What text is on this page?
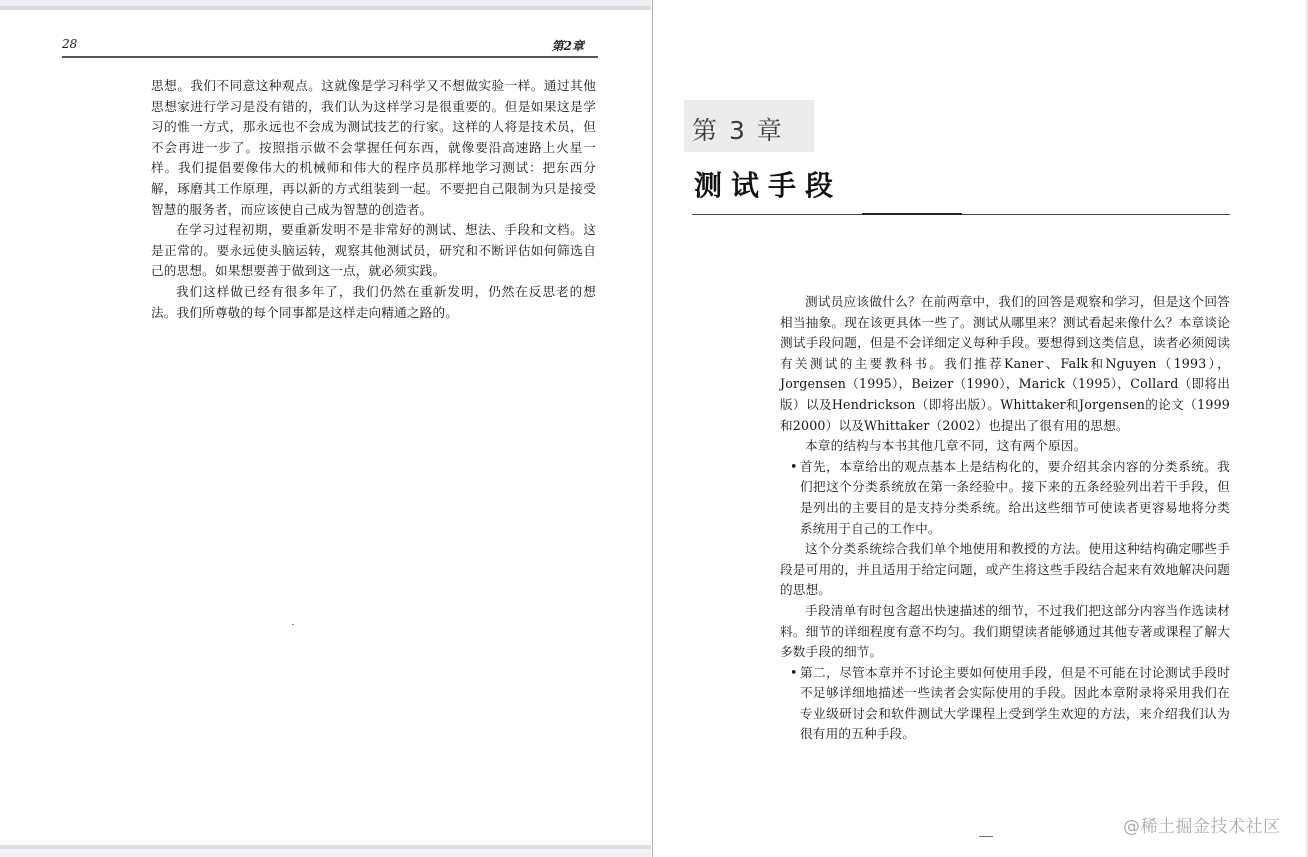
28	第2章

思想。我们不同意这种观点。这就像是学习科学又不想做实验一样。通过其他思想家进行学习是没有错的，我们认为这样学习是很重要的。但是如果这是学习的惟一方式，那永远也不会成为测试技艺的行家。这样的人将是技术员，但不会再进一步了。按照指示做不会掌握任何东西，就像要沿高速路上火星一样。我们提倡要像伟大的机械师和伟大的程序员那样地学习测试：把东西分解，琢磨其工作原理，再以新的方式组装到一起。不要把自己限制为只是接受智慧的服务者，而应该使自己成为智慧的创造者。

在学习过程初期，要重新发明不是非常好的测试、想法、手段和文档。这是正常的。要永远使头脑运转，观察其他测试员，研究和不断评估如何筛选自己的思想。如果想要善于做到这一点，就必须实践。

我们这样做已经有很多年了，我们仍然在重新发明，仍然在反思老的想法。我们所尊敬的每个同事都是这样走向精通之路的。

第 3 章
测试手段

测试员应该做什么？在前两章中，我们的回答是观察和学习，但是这个回答相当抽象。现在该更具体一些了。测试从哪里来？测试看起来像什么？本章谈论测试手段问题，但是不会详细定义每种手段。要想得到这类信息，读者必须阅读有关测试的主要教科书。我们推荐Kaner、Falk和Nguyen（1993），Jorgensen（1995），Beizer（1990），Marick（1995），Collard（即将出版）以及Hendrickson（即将出版）。Whittaker和Jorgensen的论文（1999和2000）以及Whittaker（2002）也提出了很有用的思想。

本章的结构与本书其他几章不同，这有两个原因。

• 首先，本章给出的观点基本上是结构化的，要介绍其余内容的分类系统。我们把这个分类系统放在第一条经验中。接下来的五条经验列出若干手段，但是列出的主要目的是支持分类系统。给出这些细节可使读者更容易地将分类系统用于自己的工作中。

这个分类系统综合我们单个地使用和教授的方法。使用这种结构确定哪些手段是可用的，并且适用于给定问题，或产生将这些手段结合起来有效地解决问题的思想。

手段清单有时包含超出快速描述的细节，不过我们把这部分内容当作选读材料。细节的详细程度有意不均匀。我们期望读者能够通过其他专著或课程了解大多数手段的细节。

• 第二，尽管本章并不讨论主要如何使用手段，但是不可能在讨论测试手段时不足够详细地描述一些读者会实际使用的手段。因此本章附录将采用我们在专业级研讨会和软件测试大学课程上受到学生欢迎的方法，来介绍我们认为很有用的五种手段。
@稀土掘金技术社区
